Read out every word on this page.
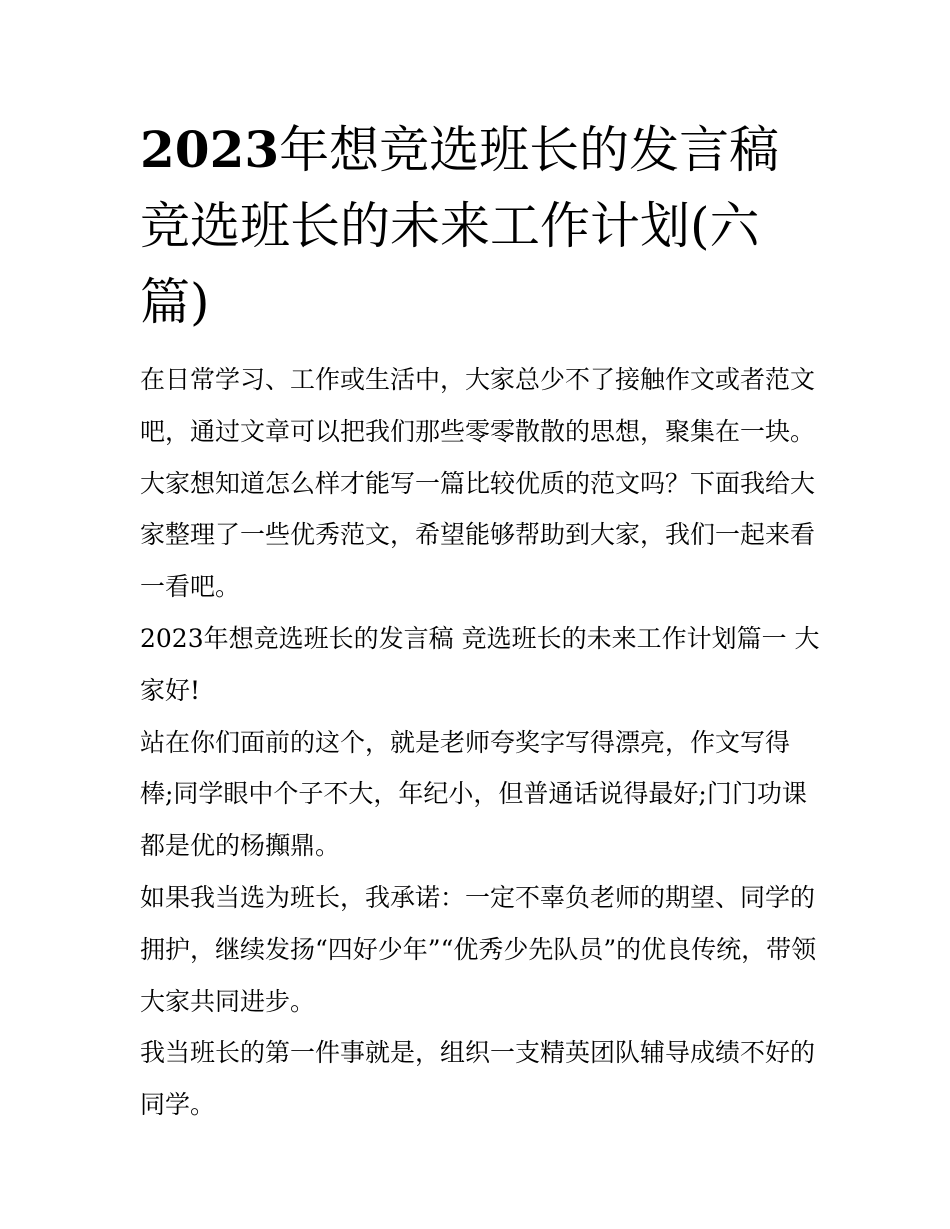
2023年想竞选班长的发言稿竞选班长的未来工作计划(六篇)

在日常学习、工作或生活中，大家总少不了接触作文或者范文吧，通过文章可以把我们那些零零散散的思想，聚集在一块。大家想知道怎么样才能写一篇比较优质的范文吗？下面我给大家整理了一些优秀范文，希望能够帮助到大家，我们一起来看一看吧。

2023年想竞选班长的发言稿 竞选班长的未来工作计划篇一 大家好!

站在你们面前的这个，就是老师夸奖字写得漂亮，作文写得棒;同学眼中个子不大，年纪小，但普通话说得最好;门门功课都是优的杨攧鼎。

如果我当选为班长，我承诺：一定不辜负老师的期望、同学的拥护，继续发扬“四好少年”“优秀少先队员”的优良传统，带领大家共同进步。

我当班长的第一件事就是，组织一支精英团队辅导成绩不好的同学。
